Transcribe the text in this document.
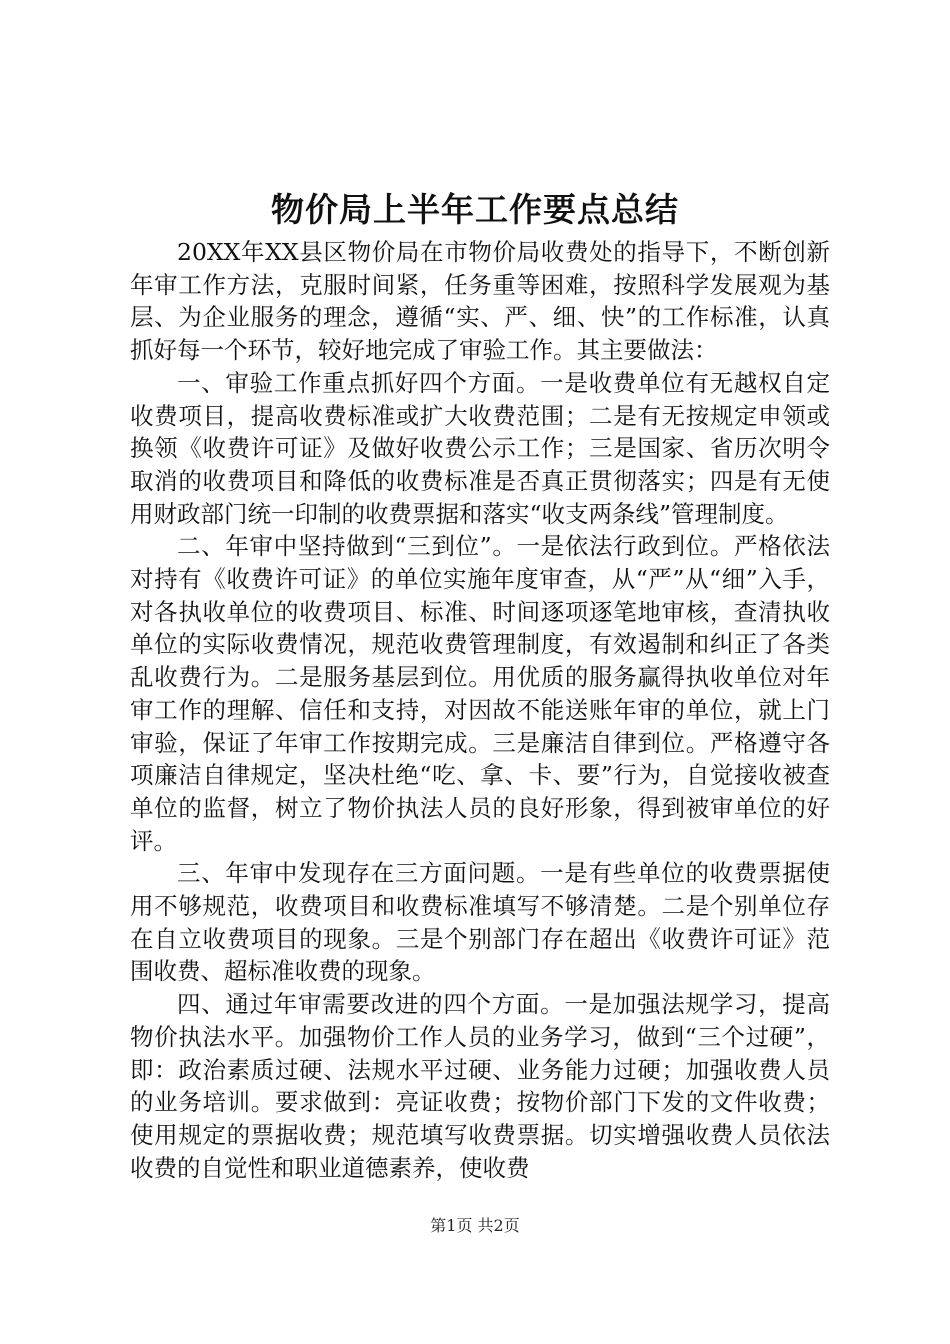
物价局上半年工作要点总结

20XX年XX县区物价局在市物价局收费处的指导下，不断创新年审工作方法，克服时间紧，任务重等困难，按照科学发展观为基层、为企业服务的理念，遵循“实、严、细、快”的工作标准，认真抓好每一个环节，较好地完成了审验工作。其主要做法：

一、审验工作重点抓好四个方面。一是收费单位有无越权自定收费项目，提高收费标准或扩大收费范围；二是有无按规定申领或换领《收费许可证》及做好收费公示工作；三是国家、省历次明令取消的收费项目和降低的收费标准是否真正贯彻落实；四是有无使用财政部门统一印制的收费票据和落实“收支两条线”管理制度。

二、年审中坚持做到“三到位”。一是依法行政到位。严格依法对持有《收费许可证》的单位实施年度审查，从“严”从“细”入手，对各执收单位的收费项目、标准、时间逐项逐笔地审核，查清执收单位的实际收费情况，规范收费管理制度，有效遏制和纠正了各类乱收费行为。二是服务基层到位。用优质的服务赢得执收单位对年审工作的理解、信任和支持，对因故不能送账年审的单位，就上门审验，保证了年审工作按期完成。三是廉洁自律到位。严格遵守各项廉洁自律规定，坚决杜绝“吃、拿、卡、要”行为，自觉接收被查单位的监督，树立了物价执法人员的良好形象，得到被审单位的好评。

三、年审中发现存在三方面问题。一是有些单位的收费票据使用不够规范，收费项目和收费标准填写不够清楚。二是个别单位存在自立收费项目的现象。三是个别部门存在超出《收费许可证》范围收费、超标准收费的现象。

四、通过年审需要改进的四个方面。一是加强法规学习，提高物价执法水平。加强物价工作人员的业务学习，做到“三个过硬”，即：政治素质过硬、法规水平过硬、业务能力过硬；加强收费人员的业务培训。要求做到：亮证收费；按物价部门下发的文件收费；使用规定的票据收费；规范填写收费票据。切实增强收费人员依法收费的自觉性和职业道德素养，使收费

第1页 共2页
